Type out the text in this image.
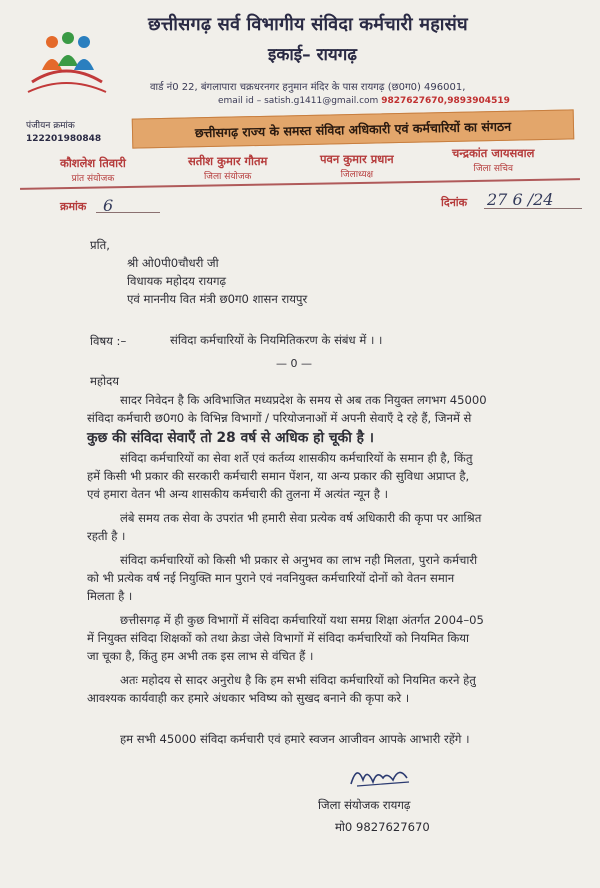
छत्तीसगढ़ सर्व विभागीय संविदा कर्मचारी महासंघ
इकाई– रायगढ़
वार्ड नं0 22, बंगलापारा चक्रधरनगर हनुमान मंदिर के पास रायगढ़ (छ0ग0) 496001,
email id – satish.g1411@gmail.com 9827627670,9893904519
पंजीयन क्रमांक
122201980848	छत्तीसगढ़ राज्य के समस्त संविदा अधिकारी एवं कर्मचारियों का संगठन
कौशलेश तिवारी
प्रांत संयोजक
सतीश कुमार गौतम
जिला संयोजक
पवन कुमार प्रधान
जिलाध्यक्ष
चन्द्रकांत जायसवाल
जिला सचिव
क्रमांक 6	दिनांक 27 6 /24
प्रति,
श्री ओ0पी0चौधरी जी
विधायक महोदय रायगढ़
एवं माननीय वित मंत्री छ0ग0 शासन रायपुर
विषय :–	संविदा कर्मचारियों के नियमितिकरण के संबंध में । ।
— 0 —
महोदय
सादर निवेदन है कि अविभाजित मध्यप्रदेश के समय से अब तक नियुक्त लगभग 45000
संविदा कर्मचारी छ0ग0 के विभिन्न विभागों / परियोजनाओं में अपनी सेवाएँ दे रहे हैं, जिनमें से
कुछ की संविदा सेवाएँ तो 28 वर्ष से अधिक हो चूकी है ।
संविदा कर्मचारियों का सेवा शर्ते एवं कर्तव्य शासकीय कर्मचारियों के समान ही है, किंतु
हमें किसी भी प्रकार की सरकारी कर्मचारी समान पेंशन, या अन्य प्रकार की सुविधा अप्राप्त है,
एवं हमारा वेतन भी अन्य शासकीय कर्मचारी की तुलना में अत्यंत न्यून है ।
लंबे समय तक सेवा के उपरांत भी हमारी सेवा प्रत्येक वर्ष अधिकारी की कृपा पर आश्रित
रहती है ।
संविदा कर्मचारियों को किसी भी प्रकार से अनुभव का लाभ नही मिलता, पुराने कर्मचारी
को भी प्रत्येक वर्ष नई नियुक्ति मान पुराने एवं नवनियुक्त कर्मचारियों दोनों को वेतन समान
मिलता है ।
छत्तीसगढ़ में ही कुछ विभागों में संविदा कर्मचारियों यथा समग्र शिक्षा अंतर्गत 2004–05
में नियुक्त संविदा शिक्षकों को तथा क्रेडा जेसे विभागों में संविदा कर्मचारियों को नियमित किया
जा चूका है, किंतु हम अभी तक इस लाभ से वंचित हैं ।
अतः महोदय से सादर अनुरोध है कि हम सभी संविदा कर्मचारियों को नियमित करने हेतु
आवश्यक कार्यवाही कर हमारे अंधकार भविष्य को सुखद बनाने की कृपा करे ।
हम सभी 45000 संविदा कर्मचारी एवं हमारे स्वजन आजीवन आपके आभारी रहेंगे ।
जिला संयोजक रायगढ़
मो0 9827627670
